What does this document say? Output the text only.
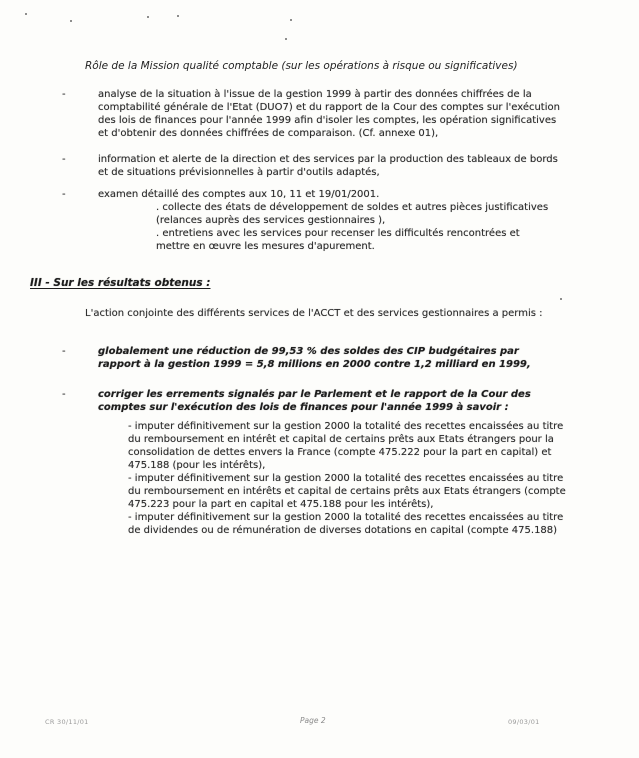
Rôle de la Mission qualité comptable (sur les opérations à risque ou significatives)
-	analyse de la situation à l'issue de la gestion 1999 à partir des données chiffrées de la comptabilité générale de l'Etat (DUO7) et du rapport de la Cour des comptes sur l'exécution des lois de finances pour l'année 1999 afin d'isoler les comptes, les opération significatives et d'obtenir des données chiffrées de comparaison. (Cf. annexe 01),
-	information et alerte de la direction et des services par la production des tableaux de bords et de situations prévisionnelles à partir d'outils adaptés,
-	examen détaillé des comptes aux 10, 11 et 19/01/2001.
. collecte des états de développement de soldes et autres pièces justificatives (relances auprès des services gestionnaires ),
. entretiens avec les services pour recenser les difficultés rencontrées et mettre en œuvre les mesures d'apurement.
III - Sur les résultats obtenus :
L'action conjointe des différents services de l'ACCT et des services gestionnaires a permis :
-	globalement une réduction de 99,53 % des soldes des CIP budgétaires par rapport à la gestion 1999 = 5,8 millions en 2000 contre 1,2 milliard en 1999,
-	corriger les errements signalés par le Parlement et le rapport de la Cour des comptes sur l'exécution des lois de finances pour l'année 1999 à savoir :
- imputer définitivement sur la gestion 2000 la totalité des recettes encaissées au titre du remboursement en intérêt et capital de certains prêts aux Etats étrangers pour la consolidation de dettes envers la France (compte 475.222 pour la part en capital) et 475.188 (pour les intérêts),
- imputer définitivement sur la gestion 2000 la totalité des recettes encaissées au titre du remboursement en intérêts et capital de certains prêts aux Etats étrangers (compte 475.223 pour la part en capital et 475.188 pour les intérêts),
- imputer définitivement sur la gestion 2000 la totalité des recettes encaissées au titre de dividendes ou de rémunération de diverses dotations en capital (compte 475.188)
CR 30/11/01	Page 2	09/03/01
